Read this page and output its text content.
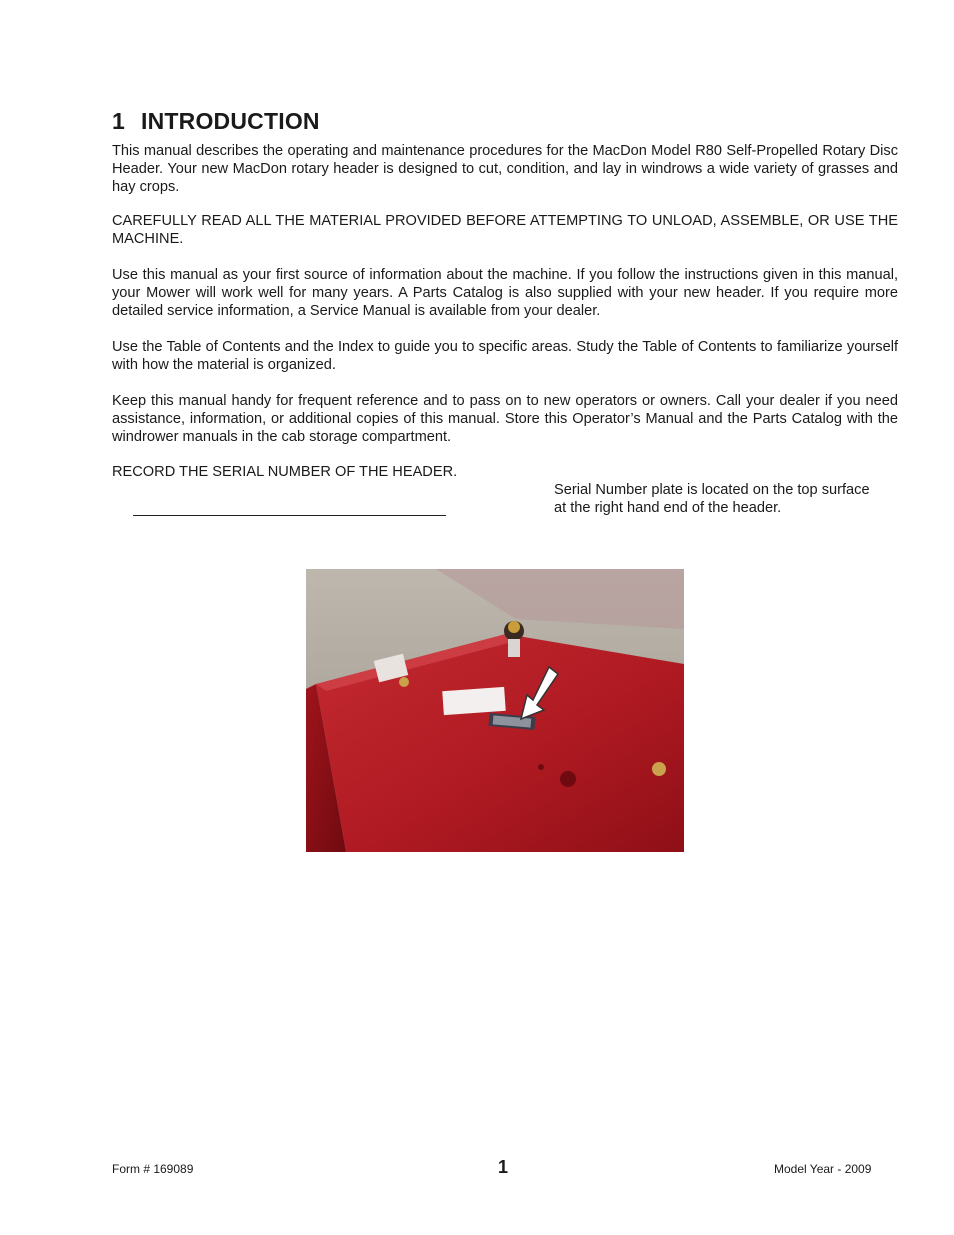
1 INTRODUCTION

This manual describes the operating and maintenance procedures for the MacDon Model R80 Self-Propelled Rotary Disc Header. Your new MacDon rotary header is designed to cut, condition, and lay in windrows a wide variety of grasses and hay crops.

CAREFULLY READ ALL THE MATERIAL PROVIDED BEFORE ATTEMPTING TO UNLOAD, ASSEMBLE, OR USE THE MACHINE.

Use this manual as your first source of information about the machine. If you follow the instructions given in this manual, your Mower will work well for many years. A Parts Catalog is also supplied with your new header. If you require more detailed service information, a Service Manual is available from your dealer.

Use the Table of Contents and the Index to guide you to specific areas. Study the Table of Contents to familiarize yourself with how the material is organized.

Keep this manual handy for frequent reference and to pass on to new operators or owners. Call your dealer if you need assistance, information, or additional copies of this manual. Store this Operator’s Manual and the Parts Catalog with the windrower manuals in the cab storage compartment.

RECORD THE SERIAL NUMBER OF THE HEADER.

Serial Number plate is located on the top surface

at the right hand end of the header.

Form # 169089	1	Model Year - 2009
